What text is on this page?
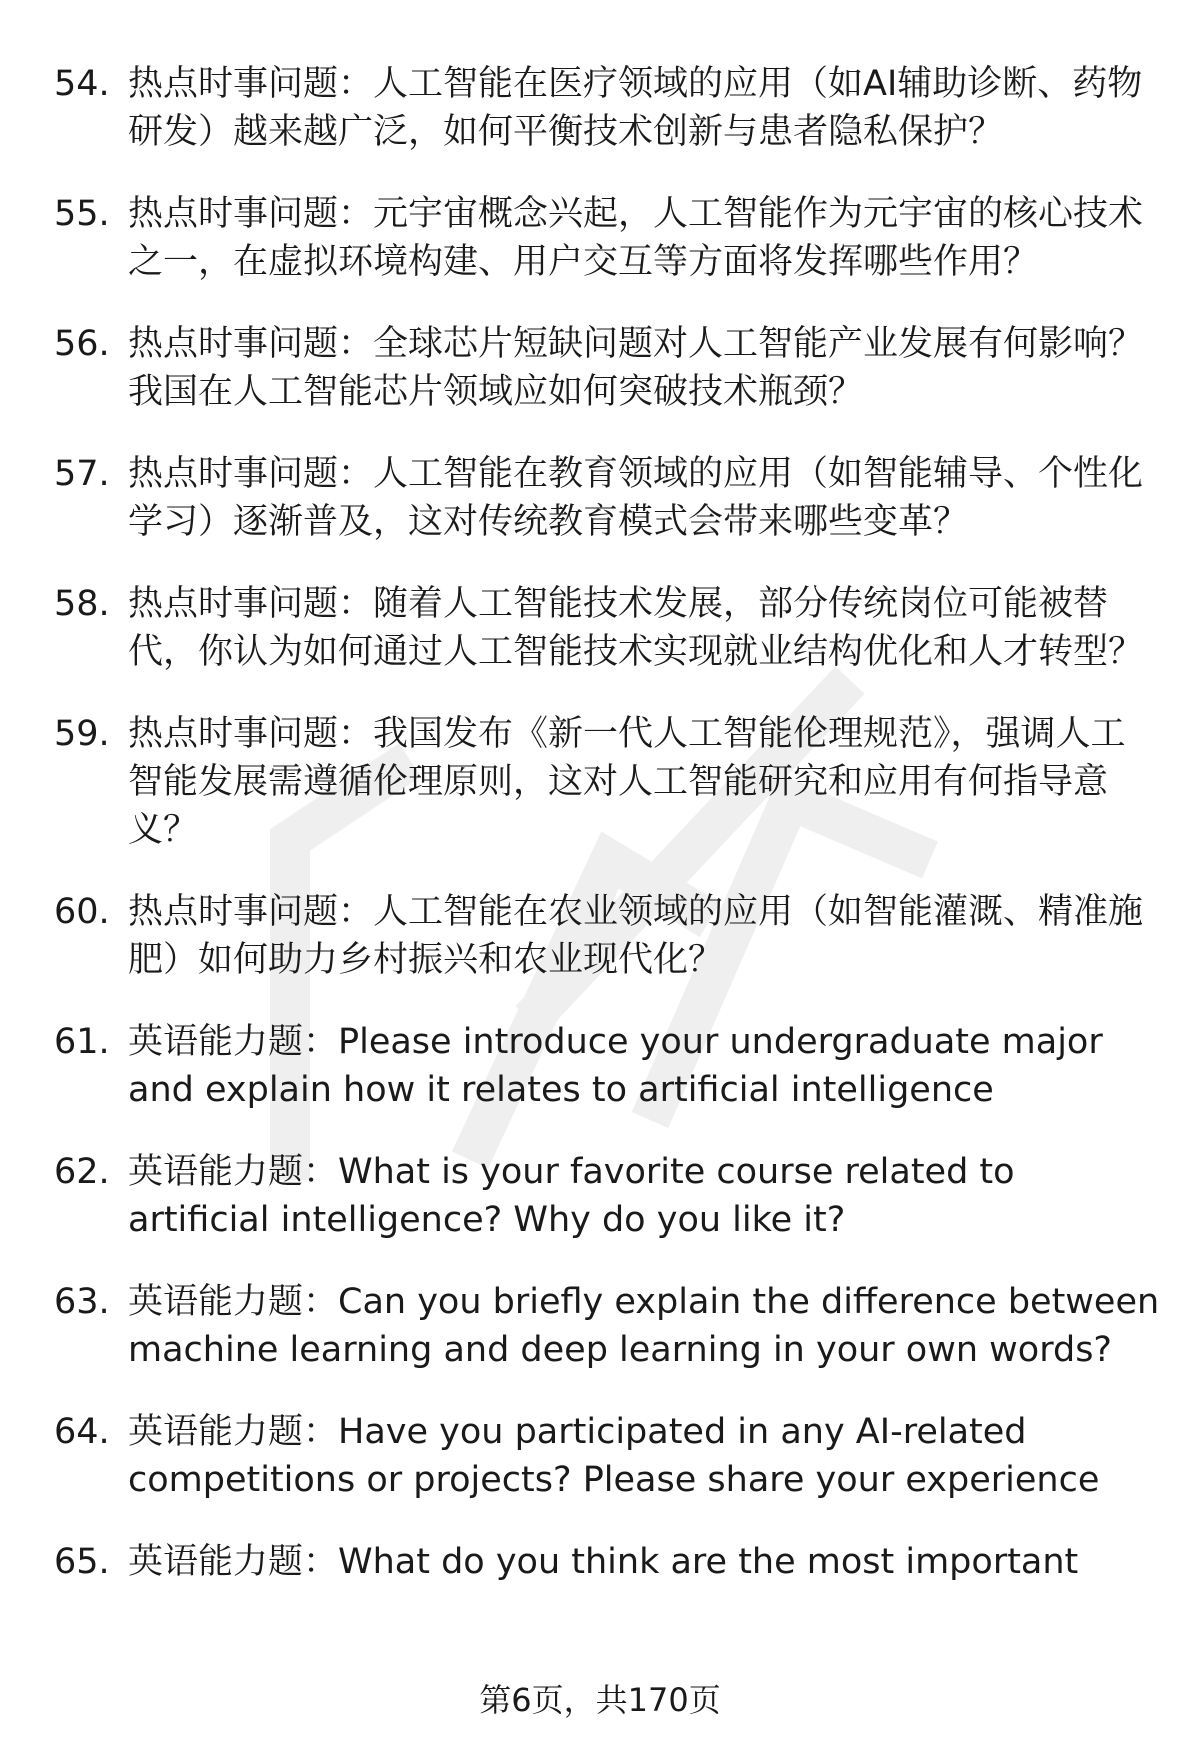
54. 热点时事问题：人工智能在医疗领域的应用（如AI辅助诊断、药物研发）越来越广泛，如何平衡技术创新与患者隐私保护？
55. 热点时事问题：元宇宙概念兴起，人工智能作为元宇宙的核心技术之一，在虚拟环境构建、用户交互等方面将发挥哪些作用？
56. 热点时事问题：全球芯片短缺问题对人工智能产业发展有何影响？我国在人工智能芯片领域应如何突破技术瓶颈？
57. 热点时事问题：人工智能在教育领域的应用（如智能辅导、个性化学习）逐渐普及，这对传统教育模式会带来哪些变革？
58. 热点时事问题：随着人工智能技术发展，部分传统岗位可能被替代，你认为如何通过人工智能技术实现就业结构优化和人才转型？
59. 热点时事问题：我国发布《新一代人工智能伦理规范》，强调人工智能发展需遵循伦理原则，这对人工智能研究和应用有何指导意义？
60. 热点时事问题：人工智能在农业领域的应用（如智能灌溉、精准施肥）如何助力乡村振兴和农业现代化？
61. 英语能力题：Please introduce your undergraduate major and explain how it relates to artificial intelligence
62. 英语能力题：What is your favorite course related to artificial intelligence? Why do you like it?
63. 英语能力题：Can you briefly explain the difference between machine learning and deep learning in your own words?
64. 英语能力题：Have you participated in any AI-related competitions or projects? Please share your experience
65. 英语能力题：What do you think are the most important
第6页，共170页
